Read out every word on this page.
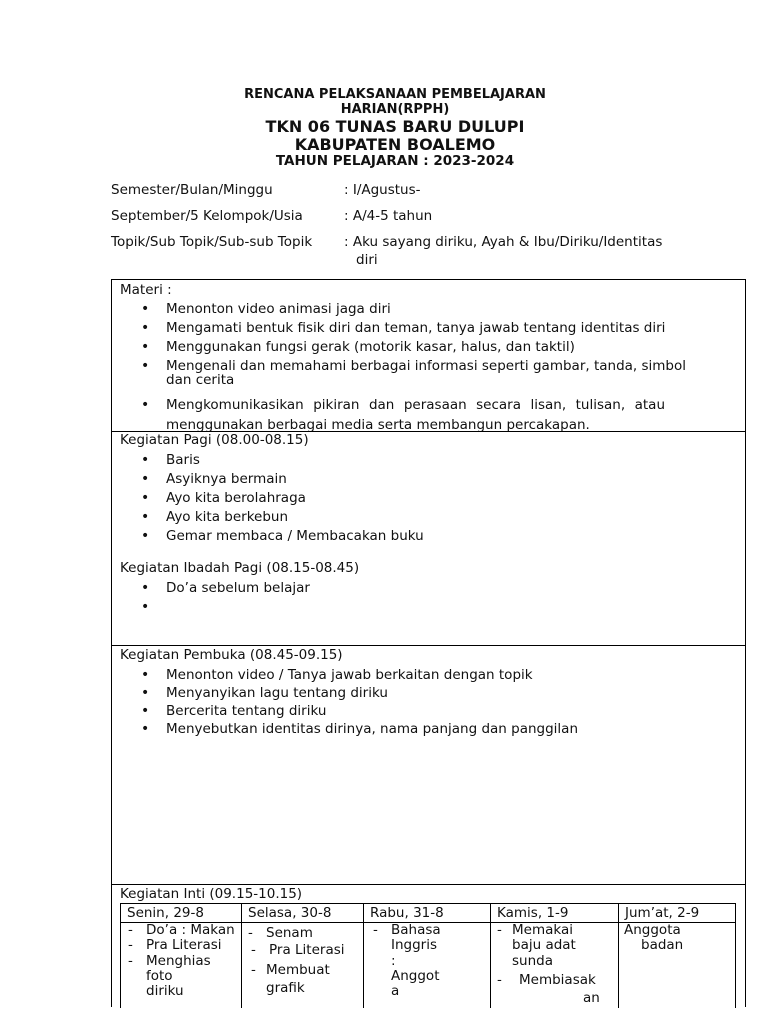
RENCANA PELAKSANAAN PEMBELAJARAN
HARIAN(RPPH)
TKN 06 TUNAS BARU DULUPI
KABUPATEN BOALEMO
TAHUN PELAJARAN : 2023-2024
Semester/Bulan/Minggu	: I/Agustus-
September/5 Kelompok/Usia	: A/4-5 tahun
Topik/Sub Topik/Sub-sub Topik : Aku sayang diriku, Ayah & Ibu/Diriku/Identitas
diri
Materi :
• Menonton video animasi jaga diri
• Mengamati bentuk fisik diri dan teman, tanya jawab tentang identitas diri
• Menggunakan fungsi gerak (motorik kasar, halus, dan taktil)
• Mengenali dan memahami berbagai informasi seperti gambar, tanda, simbol dan cerita
• Mengkomunikasikan pikiran dan perasaan secara lisan, tulisan, atau menggunakan berbagai media serta membangun percakapan.
Kegiatan Pagi (08.00-08.15)
• Baris
• Asyiknya bermain
• Ayo kita berolahraga
• Ayo kita berkebun
• Gemar membaca / Membacakan buku
Kegiatan Ibadah Pagi (08.15-08.45)
• Do’a sebelum belajar
•
Kegiatan Pembuka (08.45-09.15)
• Menonton video / Tanya jawab berkaitan dengan topik
• Menyanyikan lagu tentang diriku
• Bercerita tentang diriku
• Menyebutkan identitas dirinya, nama panjang dan panggilan
Kegiatan Inti (09.15-10.15)
Senin, 29-8
- Do’a : Makan
- Pra Literasi
- Menghias
foto
diriku
Selasa, 30-8
- Senam
- Pra Literasi
- Membuat
grafik
Rabu, 31-8
- Bahasa
Inggris
:
Anggot
a
Kamis, 1-9
- Memakai
baju adat
sunda
- Membiasak
an
Jum’at, 2-9
Anggota
badan
